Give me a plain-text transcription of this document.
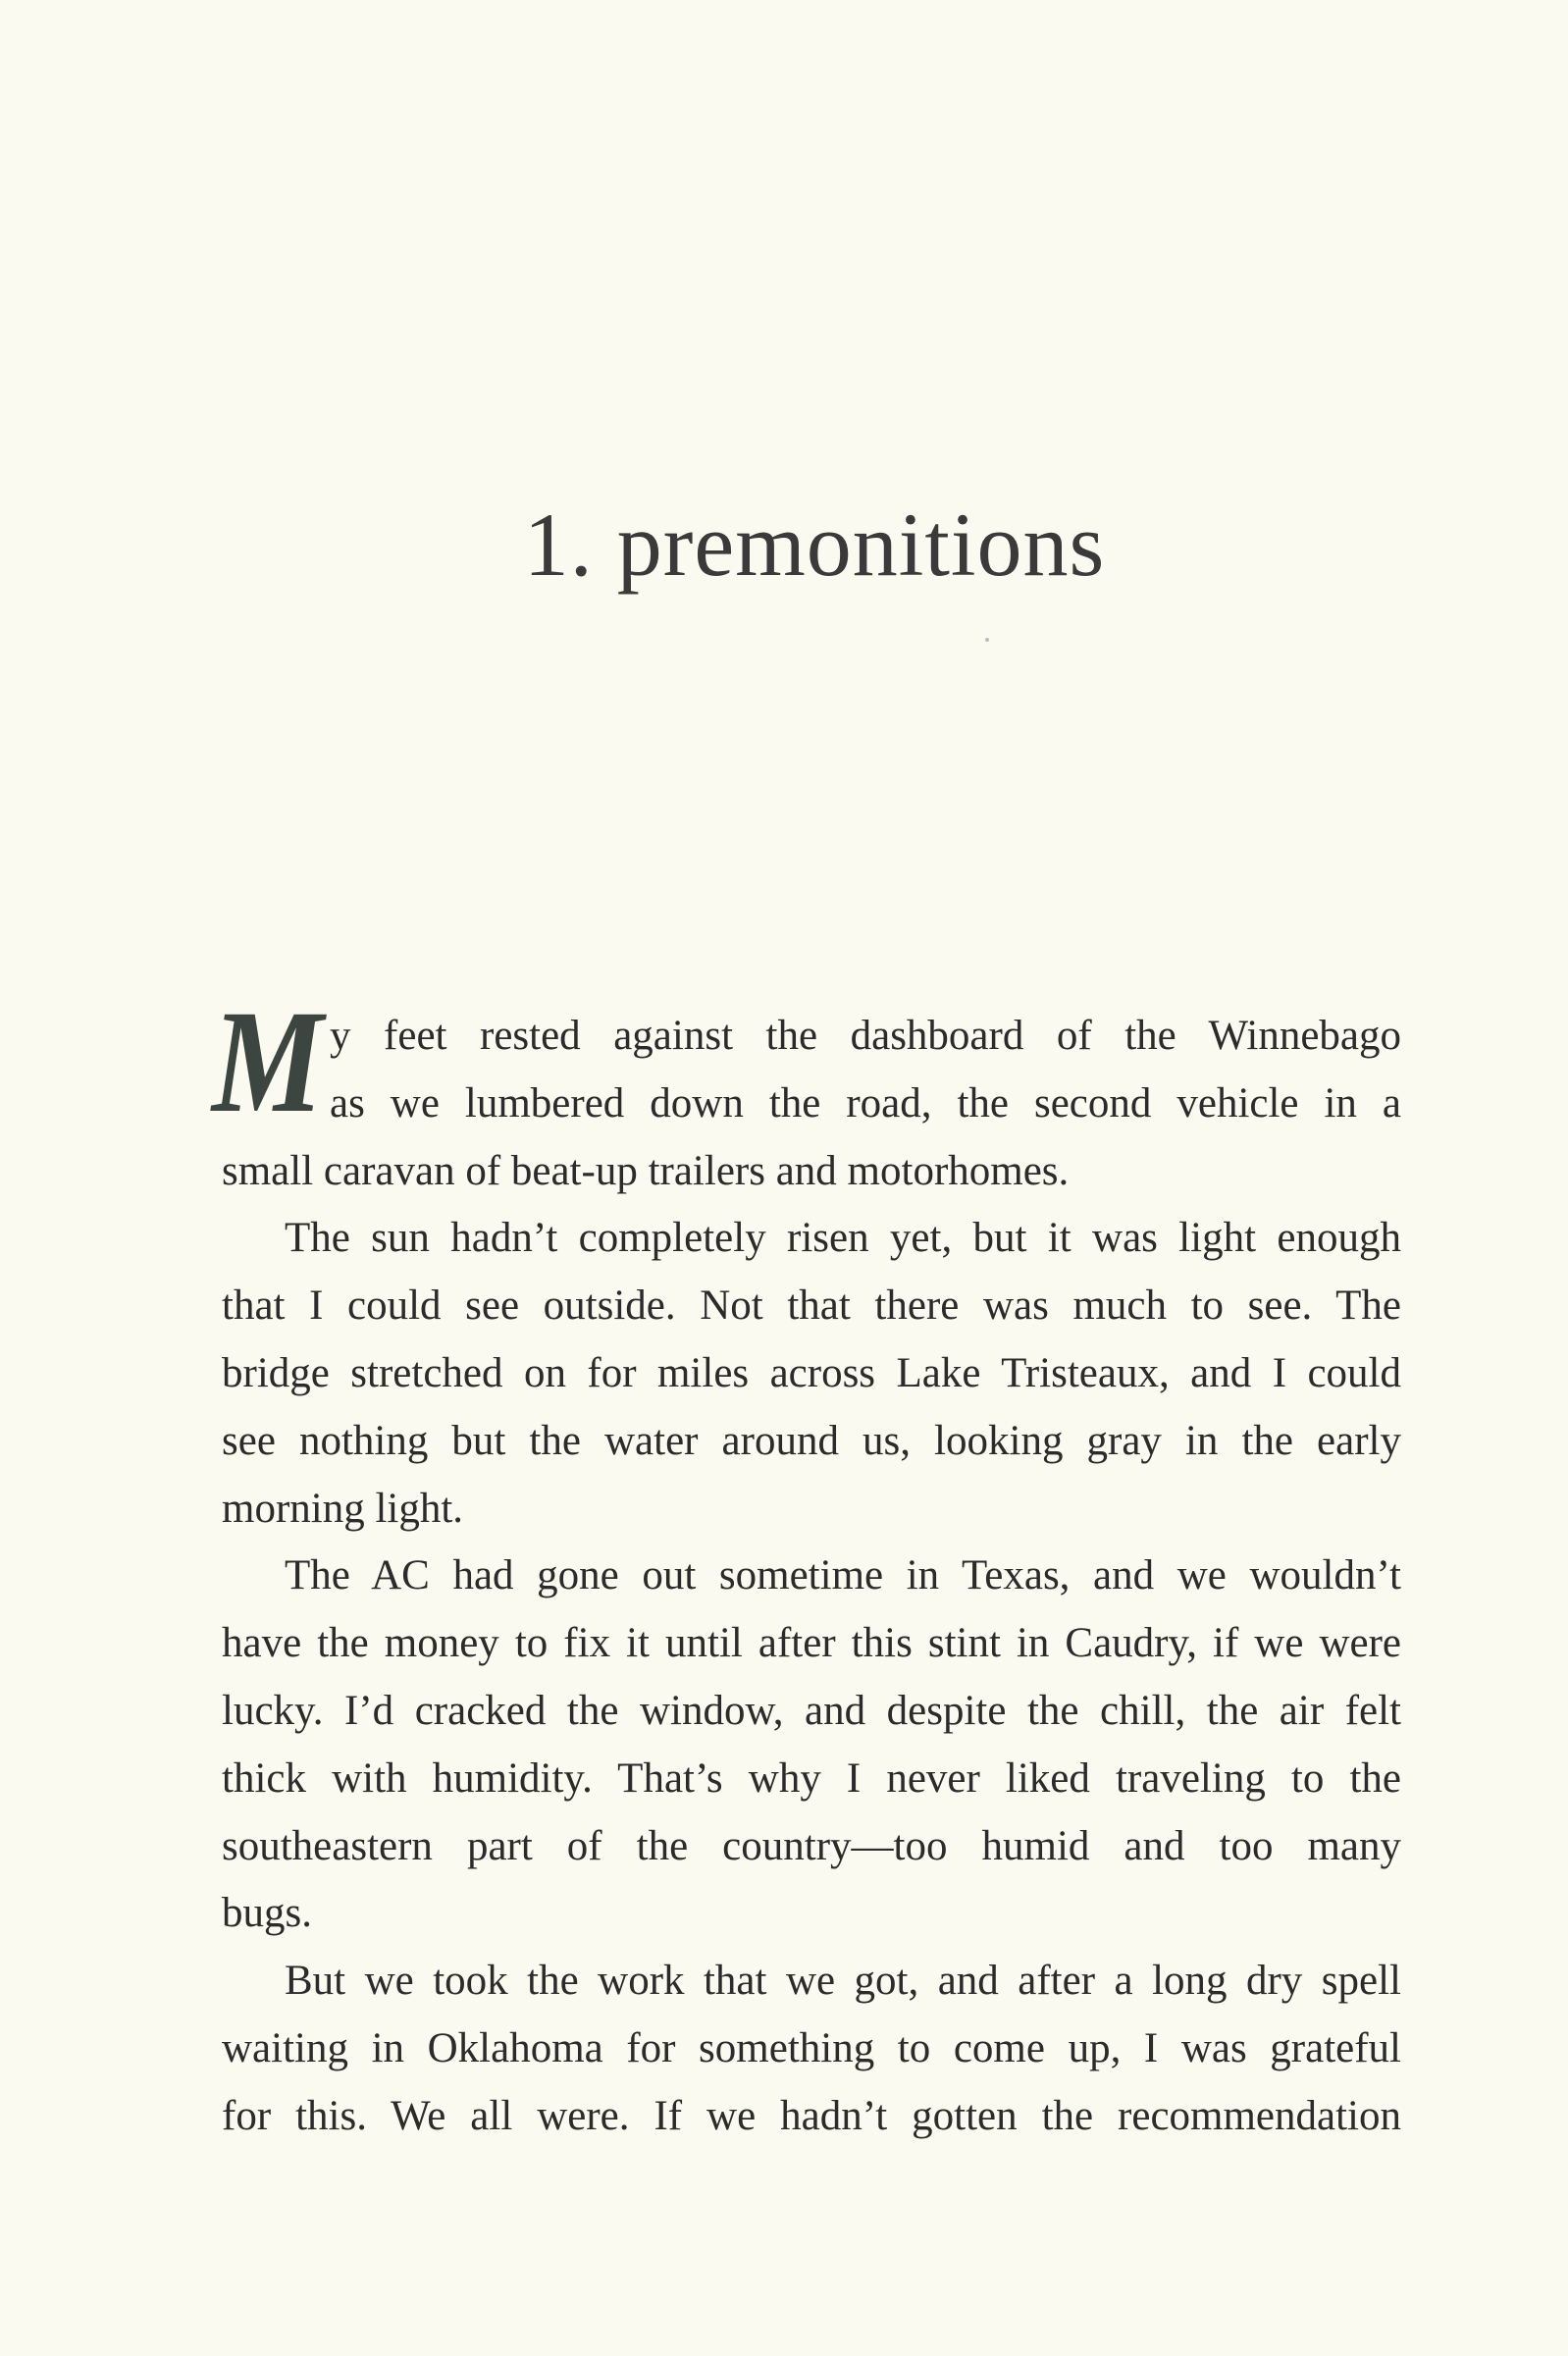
1. premonitions
M y feet rested against the dashboard of the Winnebago
as we lumbered down the road, the second vehicle in a
small caravan of beat-up trailers and motorhomes.
The sun hadn’t completely risen yet, but it was light enough
that I could see outside. Not that there was much to see. The
bridge stretched on for miles across Lake Tristeaux, and I could
see nothing but the water around us, looking gray in the early
morning light.
The AC had gone out sometime in Texas, and we wouldn’t
have the money to fix it until after this stint in Caudry, if we were
lucky. I’d cracked the window, and despite the chill, the air felt
thick with humidity. That’s why I never liked traveling to the
southeastern part of the country—too humid and too many
bugs.
But we took the work that we got, and after a long dry spell
waiting in Oklahoma for something to come up, I was grateful
for this. We all were. If we hadn’t gotten the recommendation
